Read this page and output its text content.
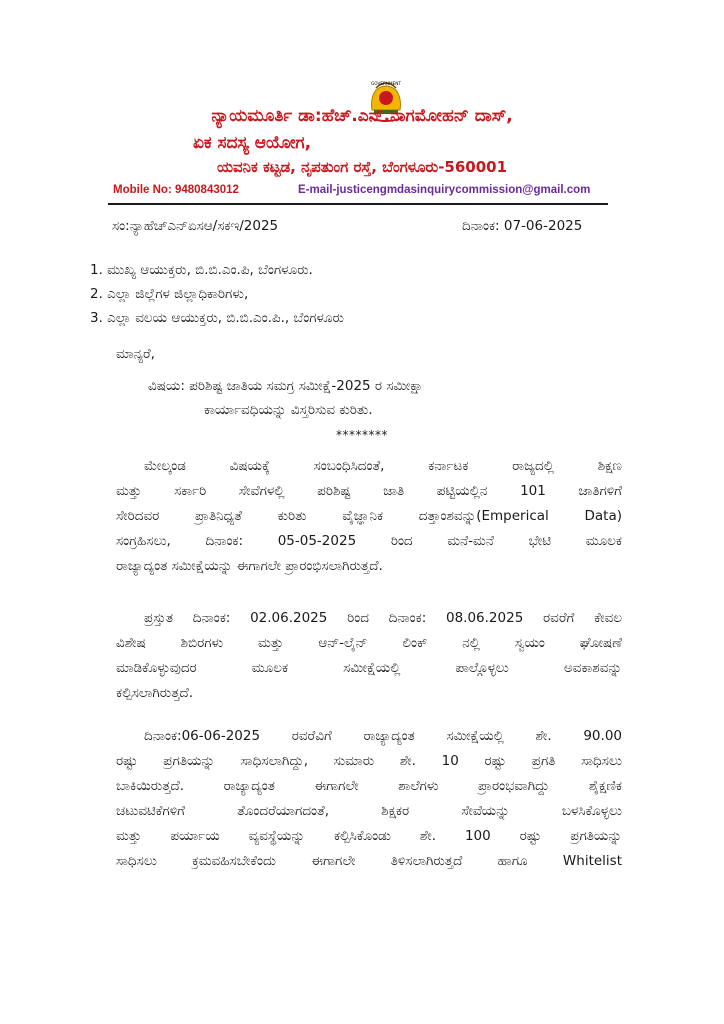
GOVERNMENT
ನ್ಯಾಯಮೂರ್ತಿ ಡಾ:ಹೆಚ್.ಎನ್.ನಾಗಮೋಹನ್ ದಾಸ್,
ಏಕ ಸದಸ್ಯ ಆಯೋಗ,
ಯವನಿಕ ಕಟ್ಟಡ, ನೃಪತುಂಗ ರಸ್ತೆ, ಬೆಂಗಳೂರು-560001
Mobile No: 9480843012	E-mail-justicengmdasinquirycommission@gmail.com
ಸಂ:ನ್ಯಾಹೆಚ್ಎನ್ಏಸಆ/ಸಕಇ/2025	ದಿನಾಂಕ: 07-06-2025
1. ಮುಖ್ಯ ಆಯುಕ್ತರು, ಬಿ.ಬಿ.ಎಂ.ಪಿ, ಬೆಂಗಳೂರು.
2. ಎಲ್ಲಾ ಜಿಲ್ಲೆಗಳ ಜಿಲ್ಲಾಧಿಕಾರಿಗಳು,
3. ಎಲ್ಲಾ ವಲಯ ಆಯುಕ್ತರು, ಬಿ.ಬಿ.ಎಂ.ಪಿ., ಬೆಂಗಳೂರು
ಮಾನ್ಯರೆ,
ವಿಷಯ: ಪರಿಶಿಷ್ಟ ಜಾತಿಯ ಸಮಗ್ರ ಸಮೀಕ್ಷೆ-2025 ರ ಸಮೀಕ್ಷಾ
ಕಾರ್ಯಾವಧಿಯನ್ನು ವಿಸ್ತರಿಸುವ ಕುರಿತು.
********
ಮೇಲ್ಕಂಡ ವಿಷಯಕ್ಕೆ ಸಂಬಂಧಿಸಿದಂತೆ, ಕರ್ನಾಟಕ ರಾಜ್ಯದಲ್ಲಿ ಶಿಕ್ಷಣ
ಮತ್ತು ಸರ್ಕಾರಿ ಸೇವೆಗಳಲ್ಲಿ ಪರಿಶಿಷ್ಟ ಜಾತಿ ಪಟ್ಟಿಯಲ್ಲಿನ 101 ಜಾತಿಗಳಿಗೆ
ಸೇರಿದವರ ಪ್ರಾತಿನಿಧ್ಯತೆ ಕುರಿತು ವೈಜ್ಞಾನಿಕ ದತ್ತಾಂಶವನ್ನು(Emperical Data)
ಸಂಗ್ರಹಿಸಲು, ದಿನಾಂಕ: 05-05-2025 ರಿಂದ ಮನೆ-ಮನೆ ಭೇಟಿ ಮೂಲಕ
ರಾಜ್ಯಾದ್ಯಂತ ಸಮೀಕ್ಷೆಯನ್ನು ಈಗಾಗಲೇ ಪ್ರಾರಂಭಿಸಲಾಗಿರುತ್ತದೆ.
ಪ್ರಸ್ತುತ ದಿನಾಂಕ: 02.06.2025 ರಿಂದ ದಿನಾಂಕ: 08.06.2025 ರವರೆಗೆ ಕೇವಲ
ವಿಶೇಷ ಶಿಬಿರಗಳು ಮತ್ತು ಆನ್-ಲೈನ್ ಲಿಂಕ್ ನಲ್ಲಿ ಸ್ವಯಂ ಘೋಷಣೆ
ಮಾಡಿಕೊಳ್ಳುವುದರ ಮೂಲಕ ಸಮೀಕ್ಷೆಯಲ್ಲಿ ಪಾಲ್ಗೊಳ್ಳಲು ಅವಕಾಶವನ್ನು
ಕಲ್ಪಿಸಲಾಗಿರುತ್ತದೆ.
ದಿನಾಂಕ:06-06-2025 ರವರೆವಿಗೆ ರಾಜ್ಯಾದ್ಯಂತ ಸಮೀಕ್ಷೆಯಲ್ಲಿ ಶೇ. 90.00
ರಷ್ಟು ಪ್ರಗತಿಯನ್ನು ಸಾಧಿಸಲಾಗಿದ್ದು, ಸುಮಾರು ಶೇ. 10 ರಷ್ಟು ಪ್ರಗತಿ ಸಾಧಿಸಲು
ಬಾಕಿಯಿರುತ್ತದೆ. ರಾಜ್ಯಾದ್ಯಂತ ಈಗಾಗಲೇ ಶಾಲೆಗಳು ಪ್ರಾರಂಭವಾಗಿದ್ದು ಶೈಕ್ಷಣಿಕ
ಚಟುವಟಿಕೆಗಳಿಗೆ ತೊಂದರೆಯಾಗದಂತೆ, ಶಿಕ್ಷಕರ ಸೇವೆಯನ್ನು ಬಳಸಿಕೊಳ್ಳಲು
ಮತ್ತು ಪರ್ಯಾಯ ವ್ಯವಸ್ಥೆಯನ್ನು ಕಲ್ಪಿಸಿಕೊಂಡು ಶೇ. 100 ರಷ್ಟು ಪ್ರಗತಿಯನ್ನು
ಸಾಧಿಸಲು ಕ್ರಮವಹಿಸಬೇಕೆಂದು ಈಗಾಗಲೇ ತಿಳಿಸಲಾಗಿರುತ್ತದೆ ಹಾಗೂ Whitelist
